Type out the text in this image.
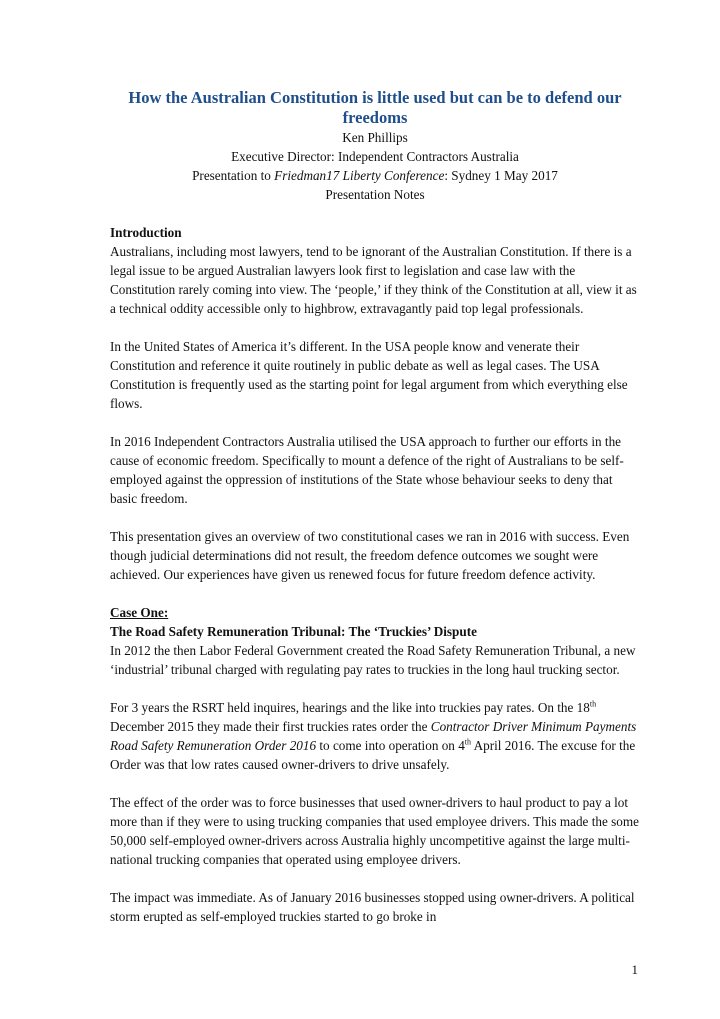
How the Australian Constitution is little used but can be to defend our freedoms
Ken Phillips
Executive Director: Independent Contractors Australia
Presentation to Friedman17 Liberty Conference: Sydney 1 May 2017
Presentation Notes
Introduction

Australians, including most lawyers, tend to be ignorant of the Australian Constitution. If there is a legal issue to be argued Australian lawyers look first to legislation and case law with the Constitution rarely coming into view. The ‘people,’ if they think of the Constitution at all, view it as a technical oddity accessible only to highbrow, extravagantly paid top legal professionals.

In the United States of America it’s different. In the USA people know and venerate their Constitution and reference it quite routinely in public debate as well as legal cases. The USA Constitution is frequently used as the starting point for legal argument from which everything else flows.

In 2016 Independent Contractors Australia utilised the USA approach to further our efforts in the cause of economic freedom. Specifically to mount a defence of the right of Australians to be self-employed against the oppression of institutions of the State whose behaviour seeks to deny that basic freedom.

This presentation gives an overview of two constitutional cases we ran in 2016 with success. Even though judicial determinations did not result, the freedom defence outcomes we sought were achieved. Our experiences have given us renewed focus for future freedom defence activity.

Case One:

The Road Safety Remuneration Tribunal: The ‘Truckies’ Dispute

In 2012 the then Labor Federal Government created the Road Safety Remuneration Tribunal, a new ‘industrial’ tribunal charged with regulating pay rates to truckies in the long haul trucking sector.

For 3 years the RSRT held inquires, hearings and the like into truckies pay rates. On the 18th December 2015 they made their first truckies rates order the Contractor Driver Minimum Payments Road Safety Remuneration Order 2016 to come into operation on 4th April 2016. The excuse for the Order was that low rates caused owner-drivers to drive unsafely.

The effect of the order was to force businesses that used owner-drivers to haul product to pay a lot more than if they were to using trucking companies that used employee drivers. This made the some 50,000 self-employed owner-drivers across Australia highly uncompetitive against the large multi-national trucking companies that operated using employee drivers.

The impact was immediate. As of January 2016 businesses stopped using owner-drivers. A political storm erupted as self-employed truckies started to go broke in

1
